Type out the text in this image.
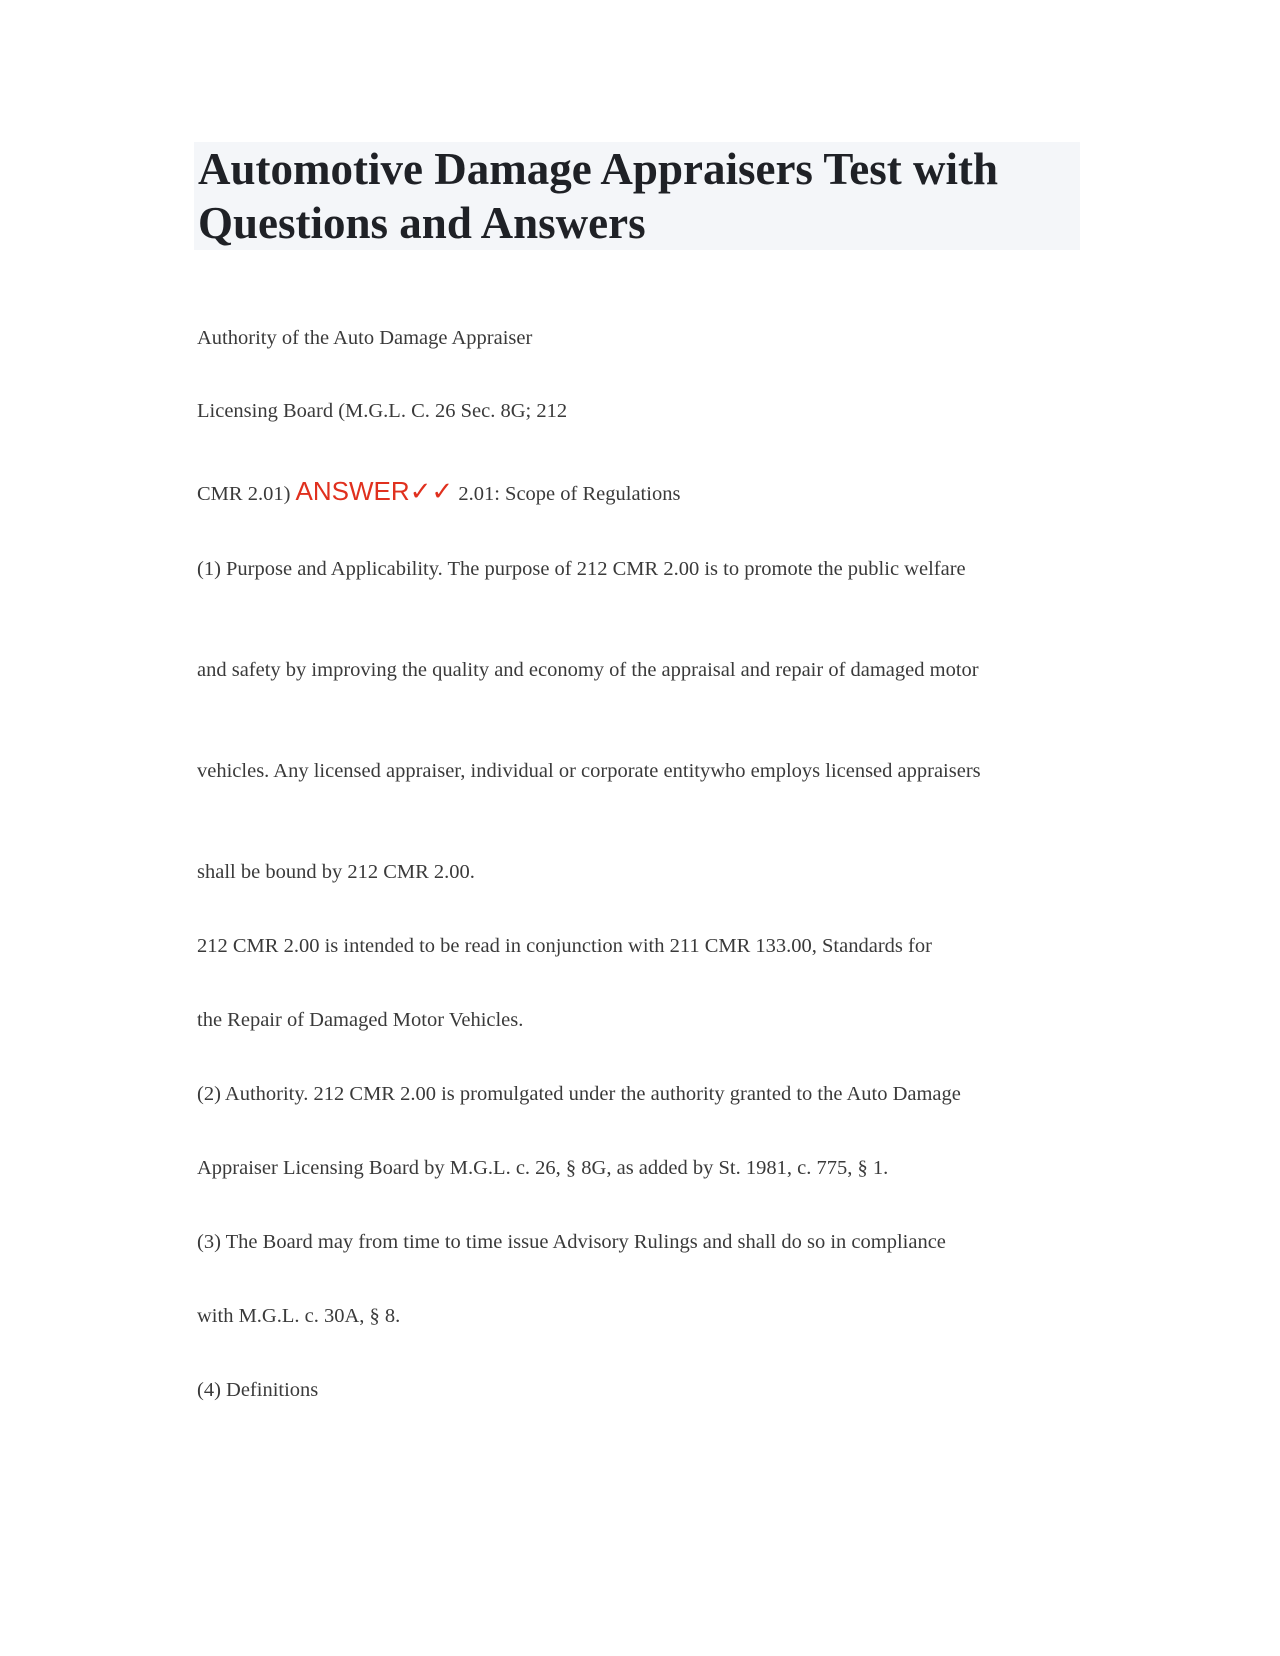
Automotive Damage Appraisers Test with Questions and Answers
Authority of the Auto Damage Appraiser
Licensing Board (M.G.L. C. 26 Sec. 8G; 212
CMR 2.01) ANSWER✓✓ 2.01: Scope of Regulations
(1) Purpose and Applicability. The purpose of 212 CMR 2.00 is to promote the public welfare
and safety by improving the quality and economy of the appraisal and repair of damaged motor
vehicles. Any licensed appraiser, individual or corporate entitywho employs licensed appraisers
shall be bound by 212 CMR 2.00.
212 CMR 2.00 is intended to be read in conjunction with 211 CMR 133.00, Standards for
the Repair of Damaged Motor Vehicles.
(2) Authority. 212 CMR 2.00 is promulgated under the authority granted to the Auto Damage
Appraiser Licensing Board by M.G.L. c. 26, § 8G, as added by St. 1981, c. 775, § 1.
(3) The Board may from time to time issue Advisory Rulings and shall do so in compliance
with M.G.L. c. 30A, § 8.
(4) Definitions
